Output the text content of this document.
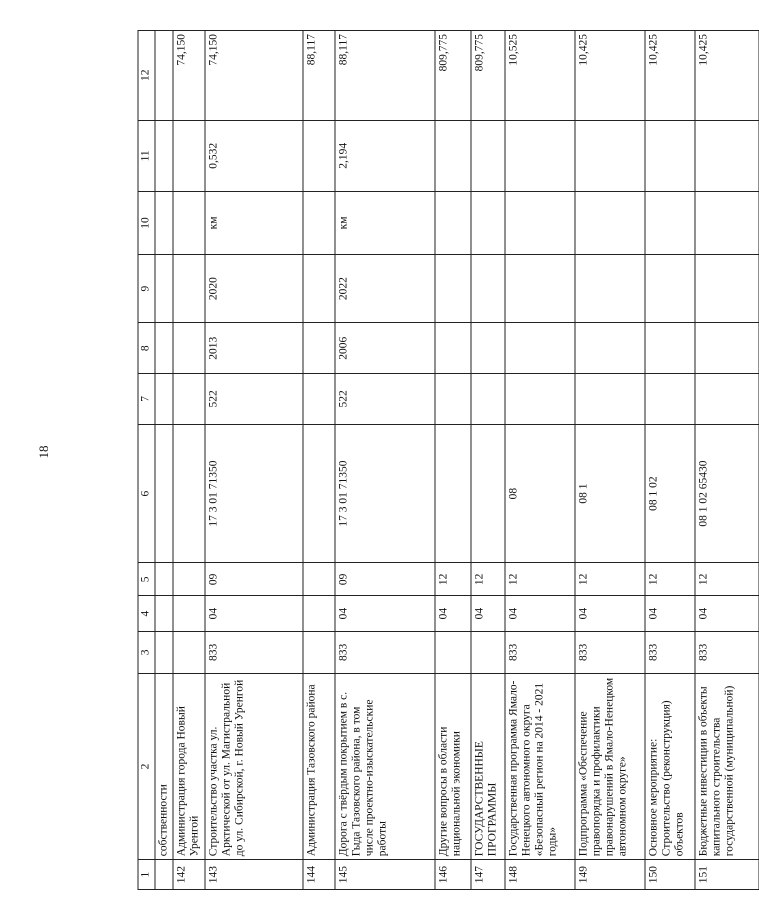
18
1	2	3	4	5	6	7	8	9	10	11	12
	собственности										
142	Администрация города Новый Уренгой										74,150
143	Строительство участка ул. Арктической от ул. Магистральной до ул. Сибирской, г. Новый Уренгой	833	04	09	17 3 01 71350	522	2013	2020	км	0,532	74,150
144	Администрация Тазовского района										88,117
145	Дорога с твёрдым покрытием в с. Гыда Тазовского района, в том числе проектно-изыскательские работы	833	04	09	17 3 01 71350	522	2006	2022	км	2,194	88,117
146	Другие вопросы в области национальной экономики		04	12							809,775
147	ГОСУДАРСТВЕННЫЕ ПРОГРАММЫ		04	12							809,775
148	Государственная программа Ямало-Ненецкого автономного округа «Безопасный регион на 2014 - 2021 годы»	833	04	12	08						10,525
149	Подпрограмма «Обеспечение правопорядка и профилактики правонарушений в Ямало-Ненецком автономном округе»	833	04	12	08 1						10,425
150	Основное мероприятие: Строительство (реконструкция) объектов	833	04	12	08 1 02						10,425
151	Бюджетные инвестиции в объекты капитального строительства государственной (муниципальной)	833	04	12	08 1 02 65430						10,425
